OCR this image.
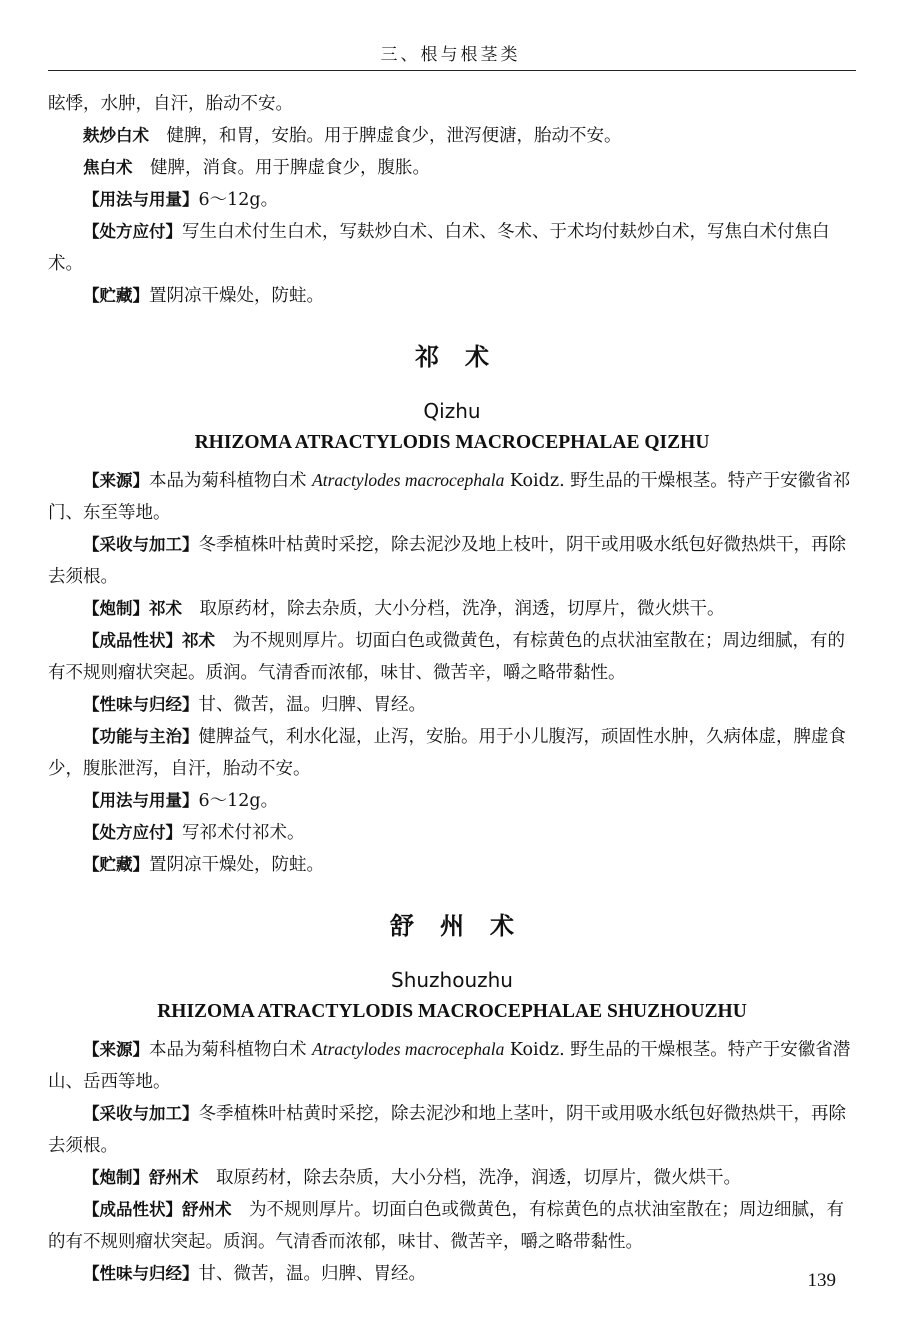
三、根与根茎类

眩悸，水肿，自汗，胎动不安。

麸炒白术　 健脾，和胃，安胎。用于脾虚食少，泄泻便溏，胎动不安。

焦白术　 健脾，消食。用于脾虚食少，腹胀。

【用法与用量】6～12g。

【处方应付】写生白术付生白术，写麸炒白术、白术、冬术、于术均付麸炒白术，写焦白术付焦白术。

【贮藏】置阴凉干燥处，防蛀。

祁术
Qizhu
RHIZOMA ATRACTYLODIS MACROCEPHALAE QIZHU

【来源】本品为菊科植物白术 Atractylodes macrocephala Koidz. 野生品的干燥根茎。特产于安徽省祁门、东至等地。

【采收与加工】冬季植株叶枯黄时采挖，除去泥沙及地上枝叶，阴干或用吸水纸包好微热烘干，再除去须根。

【炮制】祁术　 取原药材，除去杂质，大小分档，洗净，润透，切厚片，微火烘干。

【成品性状】祁术　 为不规则厚片。切面白色或微黄色，有棕黄色的点状油室散在；周边细腻，有的有不规则瘤状突起。质润。气清香而浓郁，味甘、微苦辛，嚼之略带黏性。

【性味与归经】甘、微苦，温。归脾、胃经。

【功能与主治】健脾益气，利水化湿，止泻，安胎。用于小儿腹泻，顽固性水肿，久病体虚，脾虚食少，腹胀泄泻，自汗，胎动不安。

【用法与用量】6～12g。

【处方应付】写祁术付祁术。

【贮藏】置阴凉干燥处，防蛀。

舒州术
Shuzhouzhu
RHIZOMA ATRACTYLODIS MACROCEPHALAE SHUZHOUZHU

【来源】本品为菊科植物白术 Atractylodes macrocephala Koidz. 野生品的干燥根茎。特产于安徽省潜山、岳西等地。

【采收与加工】冬季植株叶枯黄时采挖，除去泥沙和地上茎叶，阴干或用吸水纸包好微热烘干，再除去须根。

【炮制】舒州术　 取原药材，除去杂质，大小分档，洗净，润透，切厚片，微火烘干。

【成品性状】舒州术　 为不规则厚片。切面白色或微黄色，有棕黄色的点状油室散在；周边细腻，有的有不规则瘤状突起。质润。气清香而浓郁，味甘、微苦辛，嚼之略带黏性。

【性味与归经】甘、微苦，温。归脾、胃经。	139
